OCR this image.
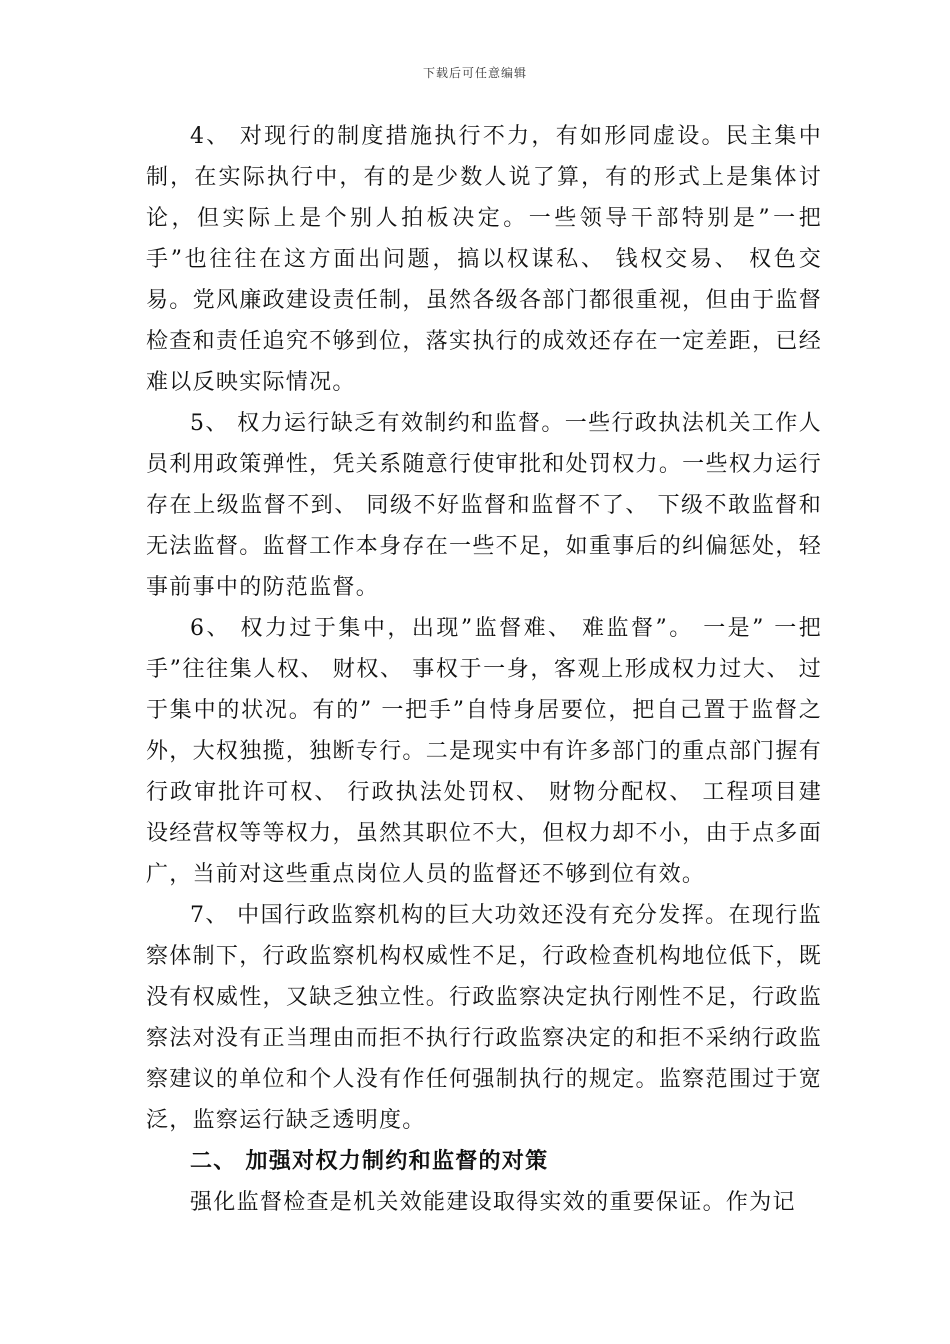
下载后可任意编辑

4、 对现行的制度措施执行不力，有如形同虚设。民主集中制，在实际执行中，有的是少数人说了算，有的形式上是集体讨论，但实际上是个别人拍板决定。一些领导干部特别是”一把手”也往往在这方面出问题，搞以权谋私、 钱权交易、 权色交易。党风廉政建设责任制，虽然各级各部门都很重视，但由于监督检查和责任追究不够到位，落实执行的成效还存在一定差距，已经难以反映实际情况。

5、 权力运行缺乏有效制约和监督。一些行政执法机关工作人员利用政策弹性，凭关系随意行使审批和处罚权力。一些权力运行存在上级监督不到、 同级不好监督和监督不了、 下级不敢监督和无法监督。监督工作本身存在一些不足，如重事后的纠偏惩处，轻事前事中的防范监督。

6、 权力过于集中，出现”监督难、 难监督”。 一是” 一把手”往往集人权、 财权、 事权于一身，客观上形成权力过大、 过于集中的状况。有的” 一把手”自恃身居要位，把自己置于监督之外，大权独揽，独断专行。二是现实中有许多部门的重点部门握有行政审批许可权、 行政执法处罚权、 财物分配权、 工程项目建设经营权等等权力，虽然其职位不大，但权力却不小，由于点多面广，当前对这些重点岗位人员的监督还不够到位有效。

7、 中国行政监察机构的巨大功效还没有充分发挥。在现行监察体制下，行政监察机构权威性不足，行政检查机构地位低下，既没有权威性，又缺乏独立性。行政监察决定执行刚性不足，行政监察法对没有正当理由而拒不执行行政监察决定的和拒不采纳行政监察建议的单位和个人没有作任何强制执行的规定。监察范围过于宽泛，监察运行缺乏透明度。

二、 加强对权力制约和监督的对策

强化监督检查是机关效能建设取得实效的重要保证。作为记
